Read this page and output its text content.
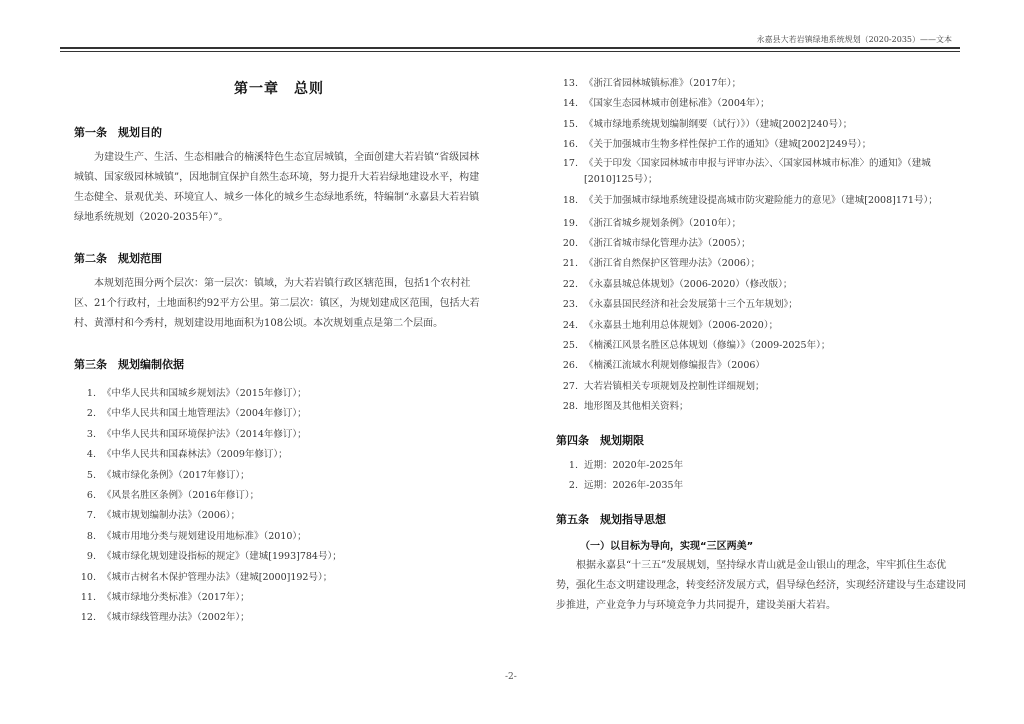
永嘉县大若岩镇绿地系统规划（2020-2035）——文本
第一章　总则
第一条　规划目的

为建设生产、生活、生态相融合的楠溪特色生态宜居城镇，全面创建大若岩镇“省级园林城镇、国家级园林城镇”，因地制宜保护自然生态环境，努力提升大若岩绿地建设水平，构建生态健全、景观优美、环境宜人、城乡一体化的城乡生态绿地系统，特编制“永嘉县大若岩镇绿地系统规划（2020-2035年）”。

第二条　规划范围

本规划范围分两个层次：第一层次：镇域，为大若岩镇行政区辖范围，包括1个农村社区、21个行政村，土地面积约92平方公里。第二层次：镇区，为规划建成区范围，包括大若村、黄潭村和今秀村，规划建设用地面积为108公顷。本次规划重点是第二个层面。

第三条　规划编制依据
1. 《中华人民共和国城乡规划法》（2015年修订）；
2. 《中华人民共和国土地管理法》（2004年修订）；
3. 《中华人民共和国环境保护法》（2014年修订）；
4. 《中华人民共和国森林法》（2009年修订）；
5. 《城市绿化条例》（2017年修订）；
6. 《风景名胜区条例》（2016年修订）；
7. 《城市规划编制办法》（2006）；
8. 《城市用地分类与规划建设用地标准》（2010）；
9. 《城市绿化规划建设指标的规定》（建城[1993]784号）；
10. 《城市古树名木保护管理办法》（建城[2000]192号）；
11. 《城市绿地分类标准》（2017年）；
12. 《城市绿线管理办法》（2002年）；
13. 《浙江省园林城镇标准》（2017年）；
14. 《国家生态园林城市创建标准》（2004年）；
15. 《城市绿地系统规划编制纲要（试行）》）（建城[2002]240号）；
16. 《关于加强城市生物多样性保护工作的通知》（建城[2002]249号）；
17. 《关于印发〈国家园林城市申报与评审办法〉、〈国家园林城市标准〉的通知》（建城[2010]125号）；
18. 《关于加强城市绿地系统建设提高城市防灾避险能力的意见》（建城[2008]171号）；
19. 《浙江省城乡规划条例》（2010年）；
20. 《浙江省城市绿化管理办法》（2005）；
21. 《浙江省自然保护区管理办法》（2006）；
22. 《永嘉县城总体规划》（2006-2020）（修改版）；
23. 《永嘉县国民经济和社会发展第十三个五年规划》；
24. 《永嘉县土地利用总体规划》（2006-2020）；
25. 《楠溪江风景名胜区总体规划（修编）》（2009-2025年）；
26. 《楠溪江流域水利规划修编报告》（2006）
27. 大若岩镇相关专项规划及控制性详细规划；
28. 地形图及其他相关资料；
第四条　规划期限
1. 近期：2020年-2025年
2. 远期：2026年-2035年
第五条　规划指导思想
（一）以目标为导向，实现“三区两美”

根据永嘉县“十三五”发展规划，坚持绿水青山就是金山银山的理念，牢牢抓住生态优势，强化生态文明建设理念，转变经济发展方式，倡导绿色经济，实现经济建设与生态建设同步推进，产业竞争力与环境竞争力共同提升，建设美丽大若岩。

-2-
